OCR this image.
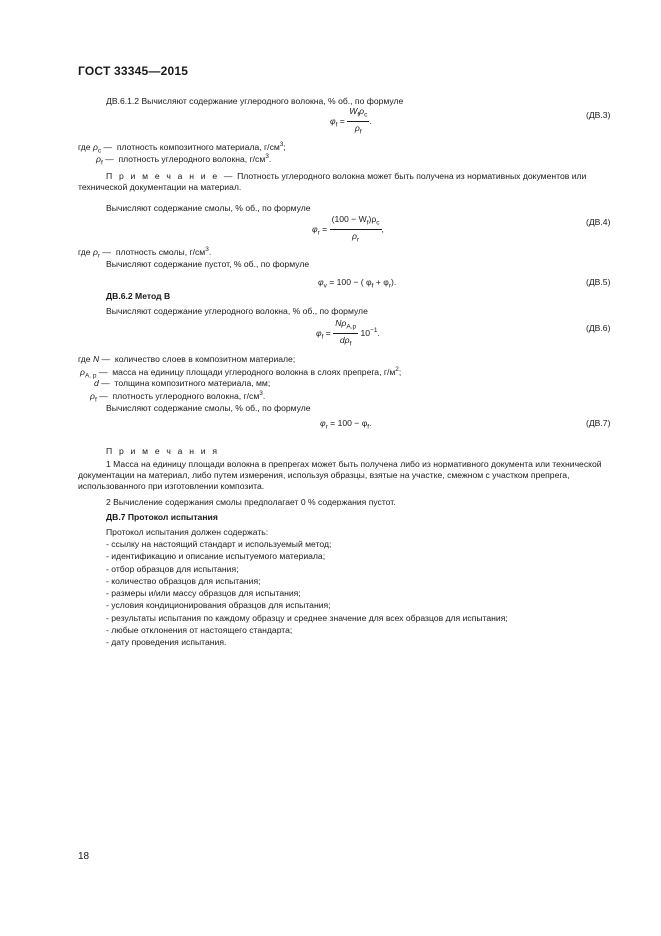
ГОСТ 33345—2015
ДВ.6.1.2 Вычисляют содержание углеродного волокна, % об., по формуле
$\varphi_f = \frac{W_f\rho_c}{\rho_f}$ .
(ДВ.3)
где $\rho_c$ —  плотность композитного материала, $г/см^3$;
$\rho_f$ —  плотность углеродного волокна, $г/см^3$.
П р и м е ч а н и е — Плотность углеродного волокна может быть получена из нормативных документов или технической документации на материал.
Вычисляют содержание смолы, % об., по формуле
$\varphi_r = \frac{(100 - W_f)\rho_c}{\rho_r}$ ,
(ДВ.4)
где $\rho_r$ —  плотность смолы, $г/см^3$.
Вычисляют содержание пустот, % об., по формуле
$\varphi_v = 100$ − ( $\varphi_f + \varphi_r$).	(ДВ.5)
ДВ.6.2 Метод В
Вычисляют содержание углеродного волокна, % об., по формуле
$\varphi_f = \frac{N\rho_{A.p}}{d\rho_f} 10^{-1}$.	(ДВ.6)
где N —  количество слоев в композитном материале;
$\rho_{A. p}$ —  масса на единицу площади углеродного волокна в слоях препрега, $г/м^2$;
d —  толщина композитного материала, мм;
$\rho_f$ —  плотность углеродного волокна, $г/см^3$.
Вычисляют содержание смолы, % об., по формуле
$\varphi_r = 100 - \varphi_f$.	(ДВ.7)
П р и м е ч а н и я
1 Масса на единицу площади волокна в препрегах может быть получена либо из нормативного документа или технической документации на материал, либо путем измерения, используя образцы, взятые на участке, смежном с участком препрега, использованного при изготовлении композита.
2 Вычисление содержания смолы предполагает 0 % содержания пустот.
ДВ.7 Протокол испытания
Протокол испытания должен содержать:
- ссылку на настоящий стандарт и используемый метод;
- идентификацию и описание испытуемого материала;
- отбор образцов для испытания;
- количество образцов для испытания;
- размеры и/или массу образцов для испытания;
- условия кондиционирования образцов для испытания;
- результаты испытания по каждому образцу и среднее значение для всех образцов для испытания;
- любые отклонения от настоящего стандарта;
- дату проведения испытания.
18
